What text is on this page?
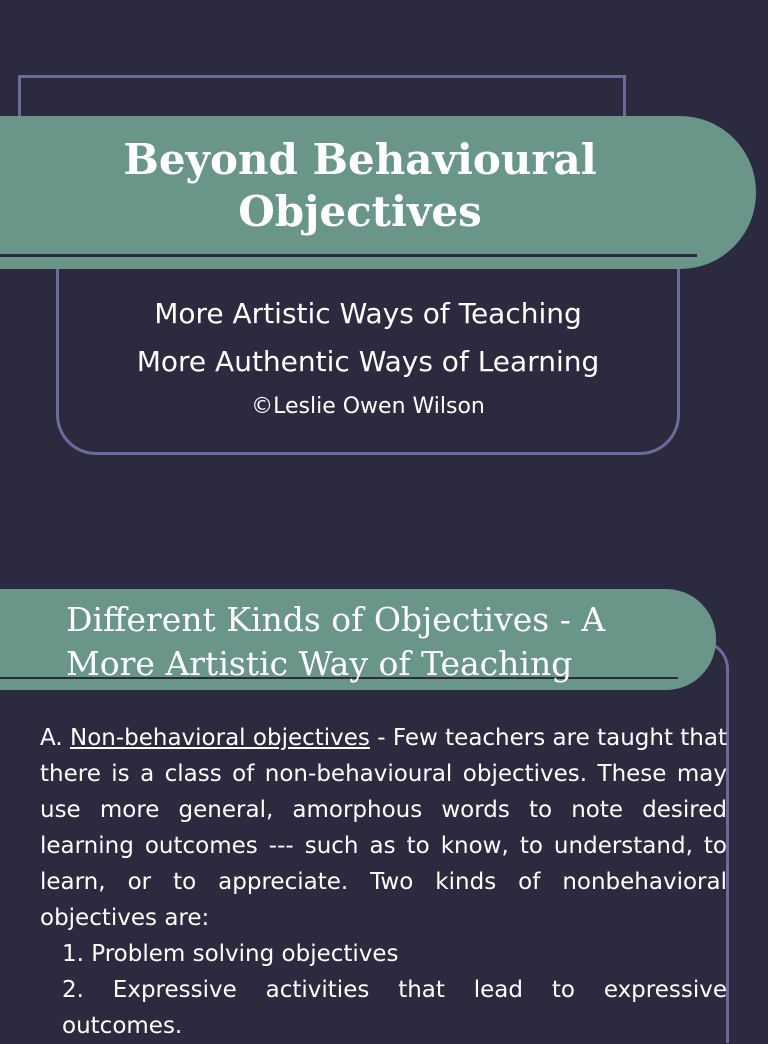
Beyond Behavioural
Objectives
More Artistic Ways of Teaching
More Authentic Ways of Learning
©Leslie Owen Wilson
Different Kinds of Objectives - A
More Artistic Way of Teaching

A. Non-behavioral objectives - Few teachers are taught that there is a class of non-behavioural objectives. These may use more general, amorphous words to note desired learning outcomes --- such as to know, to understand, to learn, or to appreciate. Two kinds of nonbehavioral objectives are:

1. Problem solving objectives

2. Expressive activities that lead to expressive

outcomes.
